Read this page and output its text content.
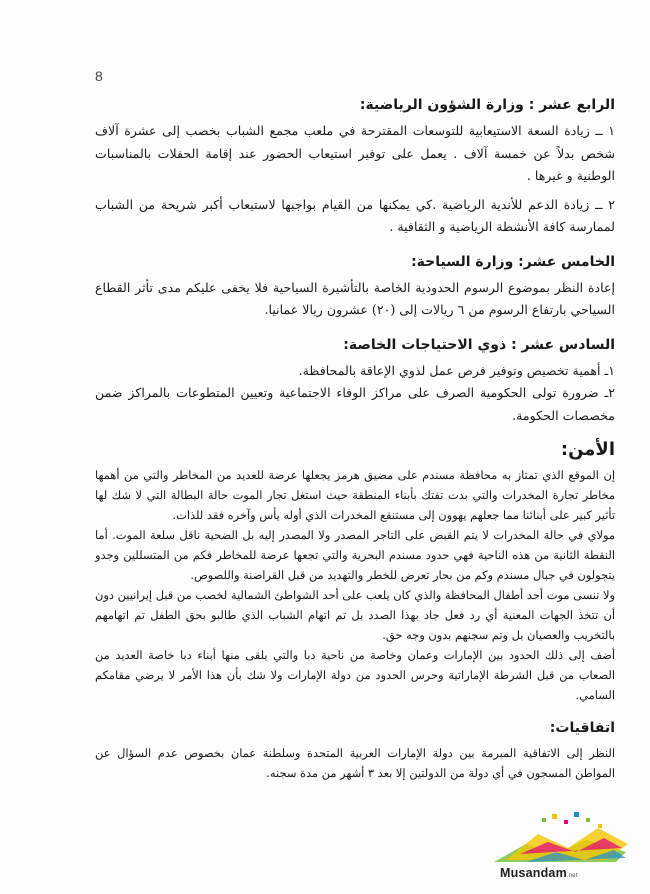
8
الرابع عشر : وزارة الشؤون الرياضية:

١ ــ زيادة السعة الاستيعابية للتوسعات المقترحة في ملعب مجمع الشباب بخصب إلى عشرة آلاف شخص بدلاً عن خمسة آلاف . يعمل على توفير استيعاب الحضور عند إقامة الحفلات بالمناسبات الوطنية و غيرها .

٢ ــ زيادة الدعم للأندية الرياضية .كي يمكنها من القيام بواجبها لاستيعاب أكبر شريحة من الشباب لممارسة كافة الأنشطة الرياضية و الثقافية .

الخامس عشر: وزارة السياحة:

إعادة النظر بموضوع الرسوم الحدودية الخاصة بالتأشيرة السياحية فلا يخفى عليكم مدى تأثر القطاع السياحي بارتفاع الرسوم من ٦ ريالات إلى (٢٠) عشرون ريالا عمانيا.

السادس عشر : ذوي الاحتياجات الخاصة:

١ـ أهمية تخصيص وتوفير فرص عمل لذوي الإعاقة بالمحافظة.

٢ـ ضرورة تولى الحكومية الصرف على مراكز الوفاء الاجتماعية وتعيين المتطوعات بالمراكز ضمن مخصصات الحكومة.

الأمن:

إن الموقع الذي تمتاز به محافظة مسندم على مضيق هرمز يجعلها عرضة للعديد من المخاطر والتي من أهمها مخاطر تجارة المخدرات والتي بدت تفتك بأبناء المنطقة حيث استغل تجار الموت حالة البطالة التي لا شك لها تأثير كبير على أبنائنا مما جعلهم يهوون إلى مستنقع المخدرات الذي أوله يأس وآخره فقد للذات.

مولاي في حالة المخدرات لا يتم القبض على التاجر المصدر ولا المصدر إليه بل الضحية ناقل سلعة الموت. أما النقطة الثانية من هذه الناحية فهي حدود مسندم البحرية والتي تجعها عرضة للمخاطر فكم من المتسللين وجدو يتجولون في جبال مسندم وكم من بحار تعرض للخطر والتهديد من قبل القراصنة واللصوص.

ولا ننسى موت أحد أطفال المحافظة والذي كان يلعب على أحد الشواطئ الشمالية لخصب من قبل إيرانيين دون أن تتخذ الجهات المعنية أي رد فعل جاد بهذا الصدد بل تم اتهام الشباب الذي طالبو بحق الطفل تم اتهامهم بالتخريب والعصيان بل وتم سجنهم بدون وجه حق.

أضف إلى ذلك الحدود بين الإمارات وعمان وخاصة من ناحية دبا والتي يلقى منها أبناء دبا خاصة العديد من الصعاب من قبل الشرطة الإماراتية وحرس الحدود من دولة الإمارات ولا شك بأن هذا الأمر لا يرضي مقامكم السامي.

اتفاقيات:

النظر إلى الاتفاقية المبرمة بين دولة الإمارات العربية المتحدة وسلطنة عمان بخصوص عدم السؤال عن المواطن المسجون في أي دولة من الدولتين إلا بعد ٣ أشهر من مدة سجنه.

Musandam.net
